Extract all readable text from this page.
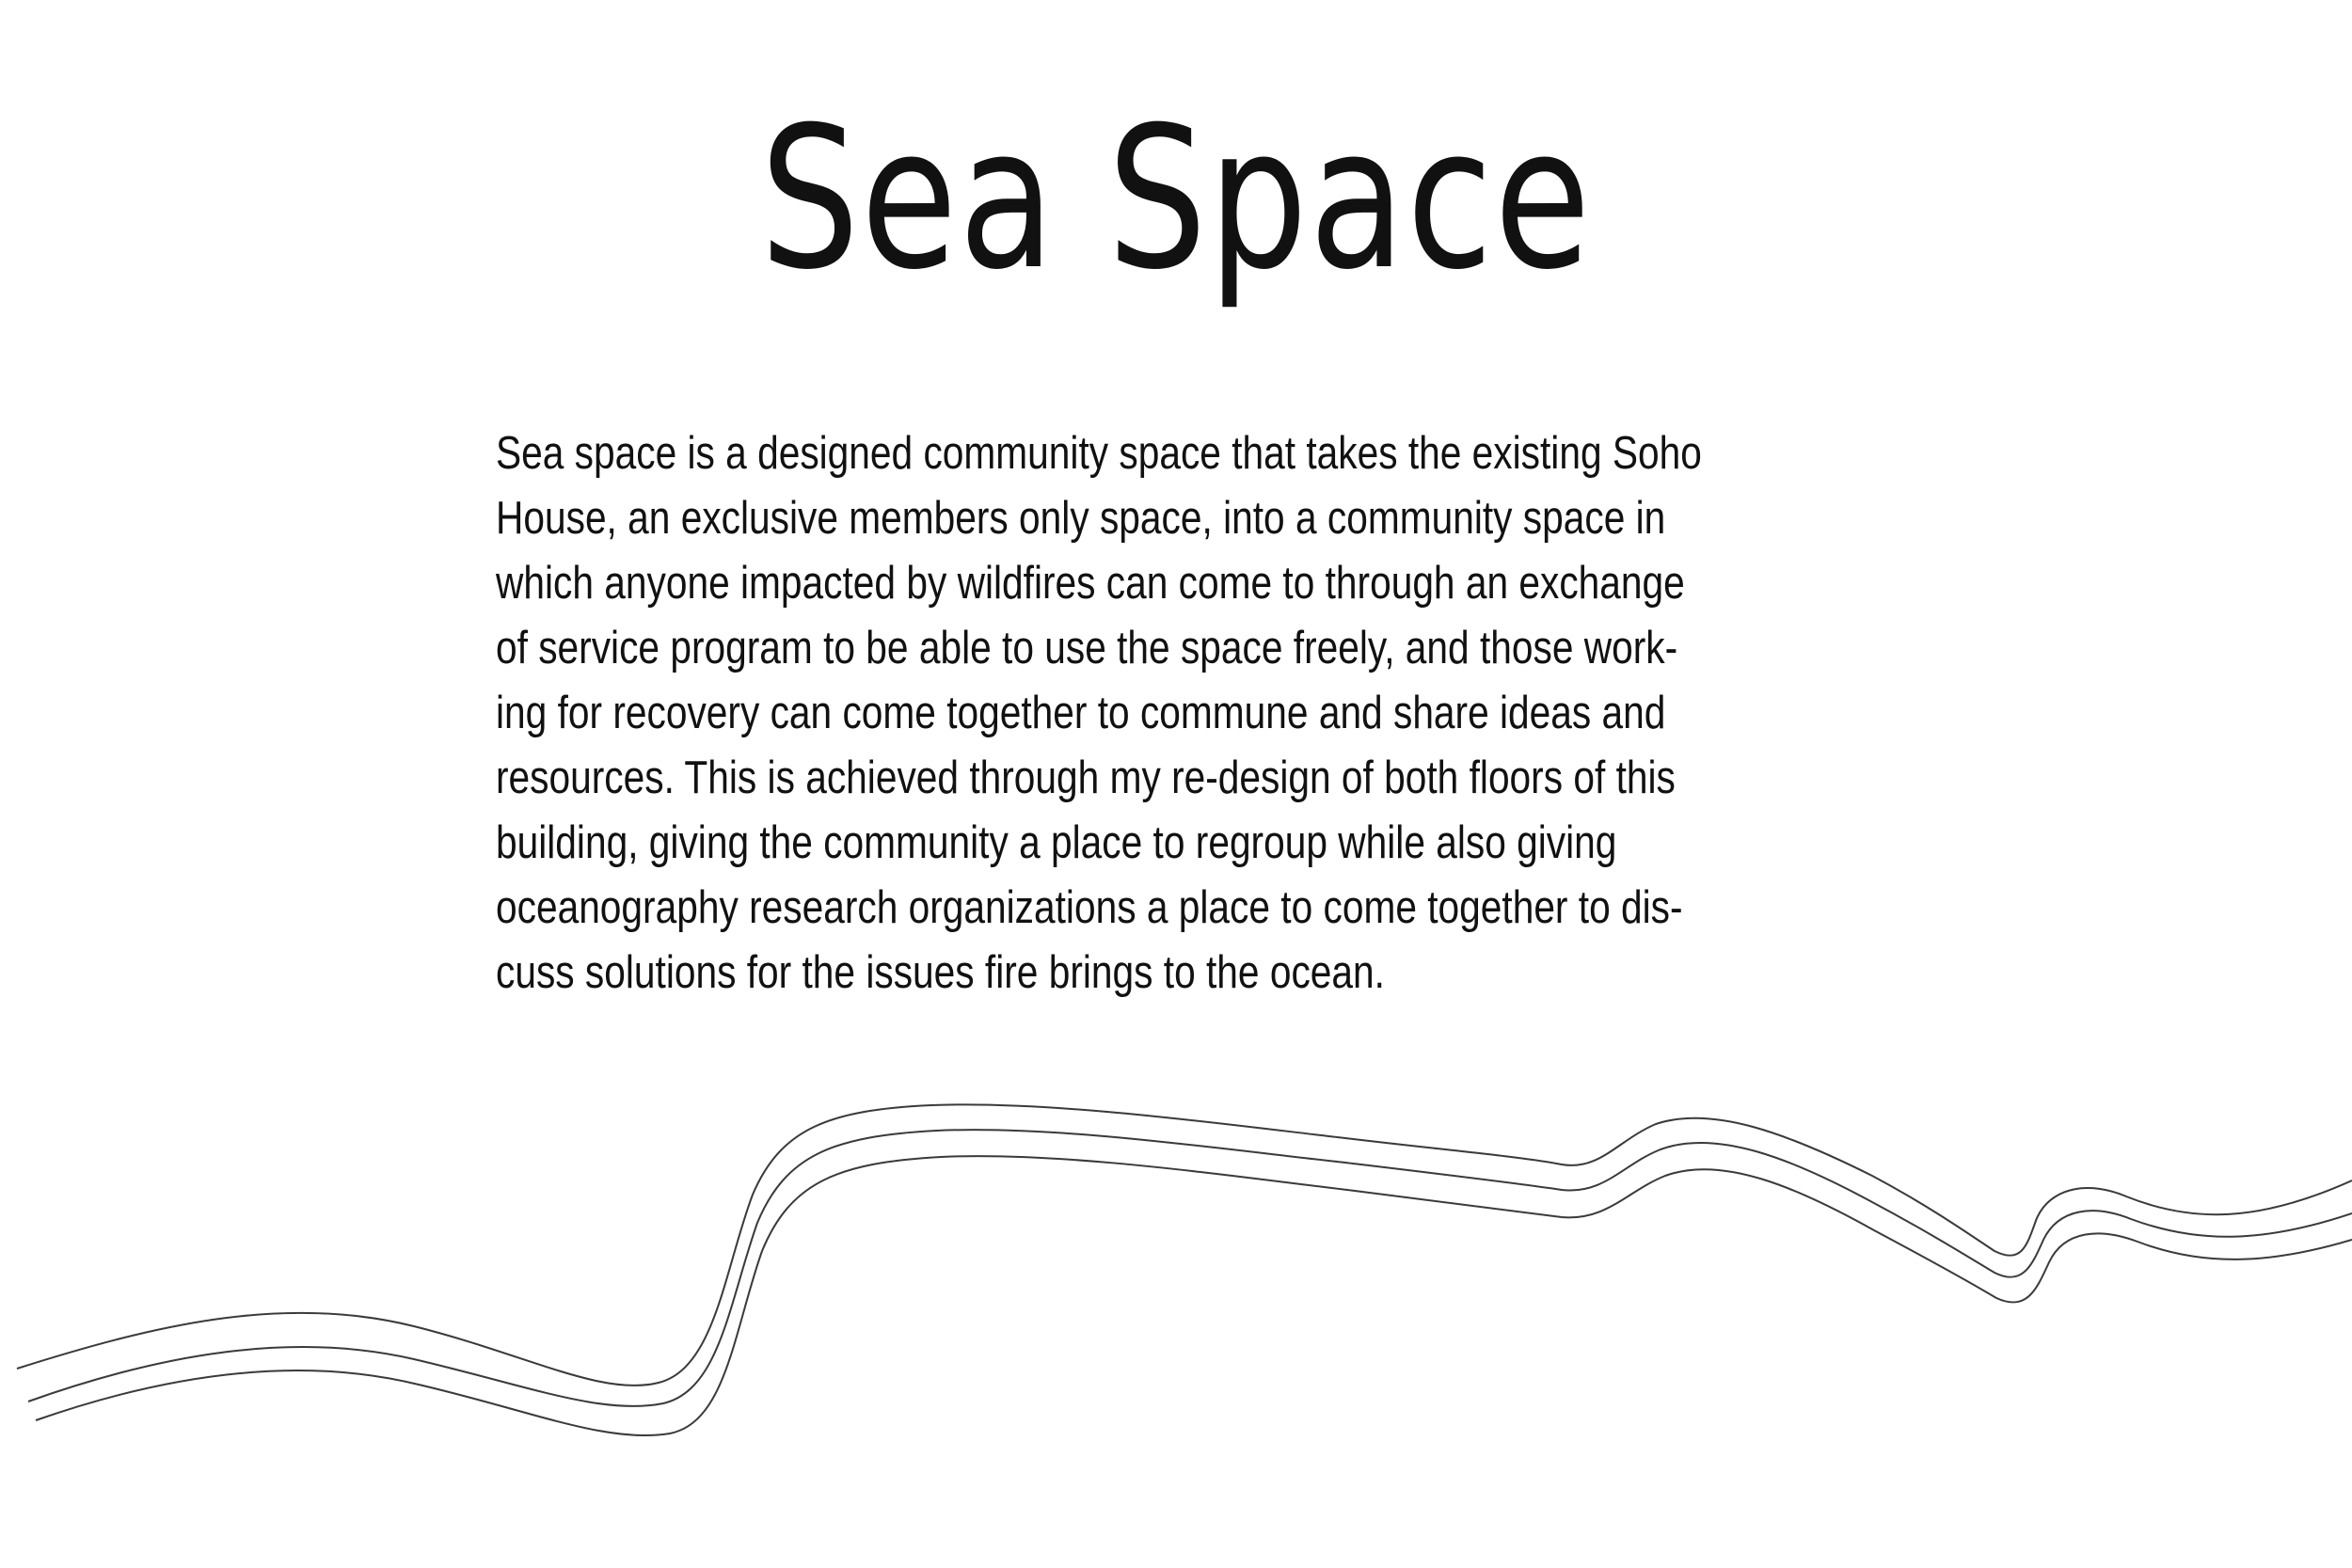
Sea Space

Sea space is a designed community space that takes the existing Soho
House, an exclusive members only space, into a community space in
which anyone impacted by wildfires can come to through an exchange
of service program to be able to use the space freely, and those work-
ing for recovery can come together to commune and share ideas and
resources. This is achieved through my re-design of both floors of this
building, giving the community a place to regroup while also giving
oceanography research organizations a place to come together to dis-
cuss solutions for the issues fire brings to the ocean.
